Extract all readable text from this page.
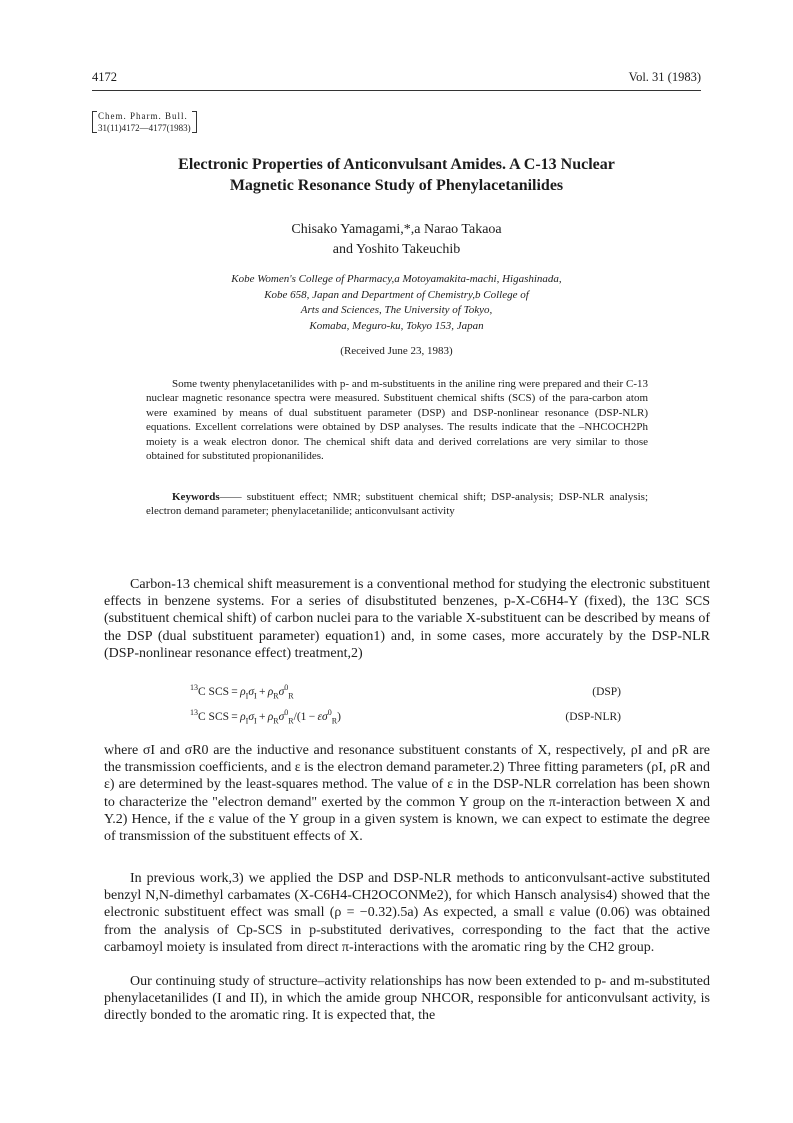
4172	Vol. 31 (1983)
Chem. Pharm. Bull.
31(11)4172—4177(1983)
Electronic Properties of Anticonvulsant Amides. A C-13 Nuclear
Magnetic Resonance Study of Phenylacetanilides
Chisako Yamagami,*,a Narao Takaoa
and Yoshito Takeuchib
Kobe Women's College of Pharmacy,a Motoyamakita-machi, Higashinada,
Kobe 658, Japan and Department of Chemistry,b College of
Arts and Sciences, The University of Tokyo,
Komaba, Meguro-ku, Tokyo 153, Japan
(Received June 23, 1983)
Some twenty phenylacetanilides with p- and m-substituents in the aniline ring were prepared and their C-13 nuclear magnetic resonance spectra were measured. Substituent chemical shifts (SCS) of the para-carbon atom were examined by means of dual substituent parameter (DSP) and DSP-nonlinear resonance (DSP-NLR) equations. Excellent correlations were obtained by DSP analyses. The results indicate that the –NHCOCH2Ph moiety is a weak electron donor. The chemical shift data and derived correlations are very similar to those obtained for substituted propionanilides.
Keywords—— substituent effect; NMR; substituent chemical shift; DSP-analysis; DSP-NLR analysis; electron demand parameter; phenylacetanilide; anticonvulsant activity
Carbon-13 chemical shift measurement is a conventional method for studying the electronic substituent effects in benzene systems. For a series of disubstituted benzenes, p-X-C6H4-Y (fixed), the 13C SCS (substituent chemical shift) of carbon nuclei para to the variable X-substituent can be described by means of the DSP (dual substituent parameter) equation1) and, in some cases, more accurately by the DSP-NLR (DSP-nonlinear resonance effect) treatment,2)
$^{13}$C SCS = $\rho_I\sigma_I + \rho_R\sigma^0_R$	(DSP)
$^{13}$C SCS = $\rho_I\sigma_I + \rho_R\sigma^0_R/(1 - \varepsilon\sigma^0_R)$	(DSP-NLR)
where σI and σR0 are the inductive and resonance substituent constants of X, respectively, ρI and ρR are the transmission coefficients, and ε is the electron demand parameter.2) Three fitting parameters (ρI, ρR and ε) are determined by the least-squares method. The value of ε in the DSP-NLR correlation has been shown to characterize the "electron demand" exerted by the common Y group on the π-interaction between X and Y.2) Hence, if the ε value of the Y group in a given system is known, we can expect to estimate the degree of transmission of the substituent effects of X.
In previous work,3) we applied the DSP and DSP-NLR methods to anticonvulsant-active substituted benzyl N,N-dimethyl carbamates (X-C6H4-CH2OCONMe2), for which Hansch analysis4) showed that the electronic substituent effect was small (ρ = −0.32).5a) As expected, a small ε value (0.06) was obtained from the analysis of Cp-SCS in p-substituted derivatives, corresponding to the fact that the active carbamoyl moiety is insulated from direct π-interactions with the aromatic ring by the CH2 group.
Our continuing study of structure–activity relationships has now been extended to p- and m-substituted phenylacetanilides (I and II), in which the amide group NHCOR, responsible for anticonvulsant activity, is directly bonded to the aromatic ring. It is expected that, the
